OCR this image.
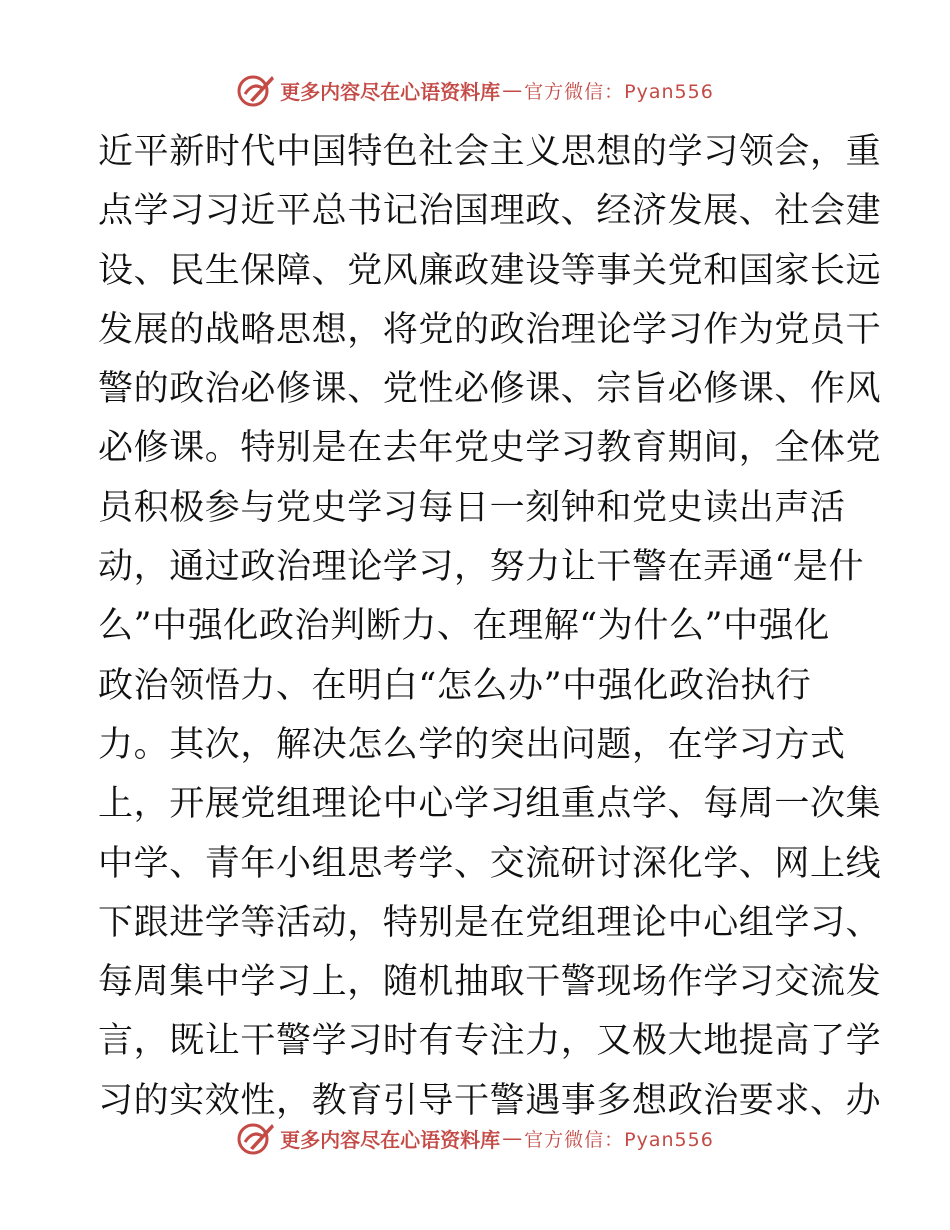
更多内容尽在心语资料库 — 官方微信：Pyan556
近平新时代中国特色社会主义思想的学习领会，重
点学习习近平总书记治国理政、经济发展、社会建
设、民生保障、党风廉政建设等事关党和国家长远
发展的战略思想，将党的政治理论学习作为党员干
警的政治必修课、党性必修课、宗旨必修课、作风
必修课。特别是在去年党史学习教育期间，全体党
员积极参与党史学习每日一刻钟和党史读出声活
动，通过政治理论学习，努力让干警在弄通“是什
么”中强化政治判断力、在理解“为什么”中强化
政治领悟力、在明白“怎么办”中强化政治执行
力。其次，解决怎么学的突出问题，在学习方式
上，开展党组理论中心学习组重点学、每周一次集
中学、青年小组思考学、交流研讨深化学、网上线
下跟进学等活动，特别是在党组理论中心组学习、
每周集中学习上，随机抽取干警现场作学习交流发
言，既让干警学习时有专注力，又极大地提高了学
习的实效性，教育引导干警遇事多想政治要求、办
更多内容尽在心语资料库 — 官方微信：Pyan556
